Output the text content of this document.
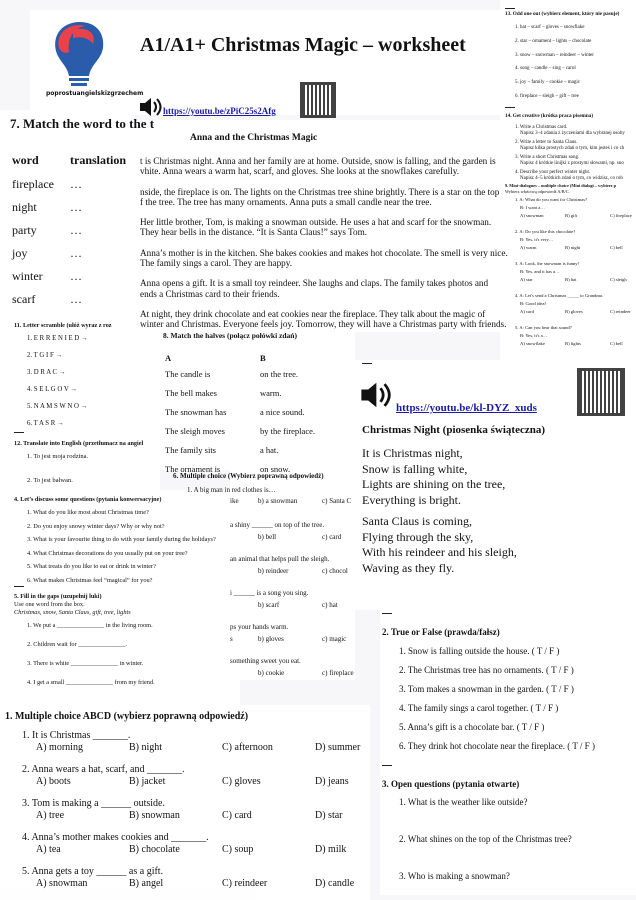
A1/A1+ Christmas Magic – worksheet
poprostuangielskizgrzechem
https://youtu.be/zPiC25s2Afg
7. Match the word to the t
word	translation
fireplace …
night	…
party	…
joy	…
winter …
scarf	…
Anna and the Christmas Magic
t is Christmas night. Anna and her family are at home. Outside, snow is falling, and the garden is
vhite. Anna wears a warm hat, scarf, and gloves. She looks at the snowflakes carefully.
nside, the fireplace is on. The lights on the Christmas tree shine brightly. There is a star on the top
f the tree. The tree has many ornaments. Anna puts a small candle near the tree.
Her little brother, Tom, is making a snowman outside. He uses a hat and scarf for the snowman.
They hear bells in the distance. “It is Santa Claus!” says Tom.
Anna’s mother is in the kitchen. She bakes cookies and makes hot chocolate. The smell is very nice.
The family sings a carol. They are happy.
Anna opens a gift. It is a small toy reindeer. She laughs and claps. The family takes photos and
ends a Christmas card to their friends.
At night, they drink chocolate and eat cookies near the fireplace. They talk about the magic of
winter and Christmas. Everyone feels joy. Tomorrow, they will have a Christmas party with friends.
13. Odd one out (wybierz element, który nie pasuje)
1. hat – scarf – gloves – snowflake
2. star – ornament – lights – chocolate
3. snow – snowman – reindeer – winter
4. song – candle – sing – carol
5. joy – family – cookie – magic
6. fireplace – sleigh – gift – tree
14. Get creative (krótka praca pisemna)
1. Write a Christmas card.
Napisz 3–4 zdania z życzeniami dla wybranej osoby
2. Write a letter to Santa Claus.
Napisz kilka prostych zdań o tym, kim jesteś i co ch
3. Write a short Christmas song.
Napisz 4 krótkie linijki z prostymi słowami, np. sno
4. Describe your perfect winter night.
Napisz 4–5 krótkich zdań o tym, co widzisz, co rob
9. Mini-dialogues – multiple choice (Mini dialogi – wybierz p
Wybierz właściwą odpowiedź A/B/C.
1. A: What do you want for Christmas?
B: I want a…
A) snowman	B) gift	C) fireplace
2. A: Do you like this chocolate?
B: Yes, it's very…
A) warm	B) night	C) bell
3. A: Look, the snowman is funny!
B: Yes, and it has a…
A) star	B) hat	C) sleigh
4. A: Let's send a Christmas _____ to Grandma.
B: Good idea!
A) card	B) gloves	C) reindeer
5. A: Can you hear that sound?
B: Yes, it's a…
A) snowflake	B) lights	C) bell
11. Letter scramble (ułóż wyraz z roz
1. E R R E N I E D →
2. T G I F →
3. D R A C →
4. S E L G O V →
5. N A M S W N O →
6. T A S R →
12. Translate into English (przetłumacz na angiel
1. To jest moja rodzina.
2. To jest bałwan.
4. Let’s discuss some questions (pytania konwersacyjne)
1. What do you like most about Christmas time?
2. Do you enjoy snowy winter days? Why or why not?
3. What is your favourite thing to do with your family during the holidays?
4. What Christmas decorations do you usually put on your tree?
5. What treats do you like to eat or drink in winter?
6. What makes Christmas feel “magical” for you?
5. Fill in the gaps (uzupełnij luki)
Use one word from the box.
Christmas, snow, Santa Claus, gift, tree, lights
1. We put a _______________ in the living room.
2. Children wait for _______________.
3. There is white _______________ in winter.
4. I get a small _______________ from my friend.
8. Match the halves (połącz połówki zdań)
A	B
The candle is	on the tree.
The bell makes	warm.
The snowman has	a nice sound.
The sleigh moves	by the fireplace.
The family sits	a hat.
The ornament is	on snow.
6. Multiple choice (Wybierz poprawną odpowiedź)
1. A big man in red clothes is…
ike	b) a snowman	c) Santa C
a shiny ______ on top of the tree.
b) bell	c) card
an animal that helps pull the sleigh.
b) reindeer	c) chocol
i ______ is a song you sing.
b) scarf	c) hat
ps your hands warm.
s	b) gloves	c) magic
something sweet you eat.
b) cookie	c) fireplace
https://youtu.be/kl-DYZ_xuds
Christmas Night (piosenka świąteczna)
It is Christmas night,
Snow is falling white,
Lights are shining on the tree,
Everything is bright.
Santa Claus is coming,
Flying through the sky,
With his reindeer and his sleigh,
Waving as they fly.
2. True or False (prawda/fałsz)
1. Snow is falling outside the house. ( T / F )
2. The Christmas tree has no ornaments. ( T / F )
3. Tom makes a snowman in the garden. ( T / F )
4. The family sings a carol together. ( T / F )
5. Anna’s gift is a chocolate bar. ( T / F )
6. They drink hot chocolate near the fireplace. ( T / F )
3. Open questions (pytania otwarte)
1. What is the weather like outside?
2. What shines on the top of the Christmas tree?
3. Who is making a snowman?
1. Multiple choice ABCD (wybierz poprawną odpowiedź)
1. It is Christmas _______.
A) morning	B) night	C) afternoon	D) summer
2. Anna wears a hat, scarf, and _______.
A) boots	B) jacket	C) gloves	D) jeans
3. Tom is making a ______ outside.
A) tree	B) snowman	C) card	D) star
4. Anna’s mother makes cookies and _______.
A) tea	B) chocolate	C) soup	D) milk
5. Anna gets a toy ______ as a gift.
A) snowman	B) angel	C) reindeer	D) candle
